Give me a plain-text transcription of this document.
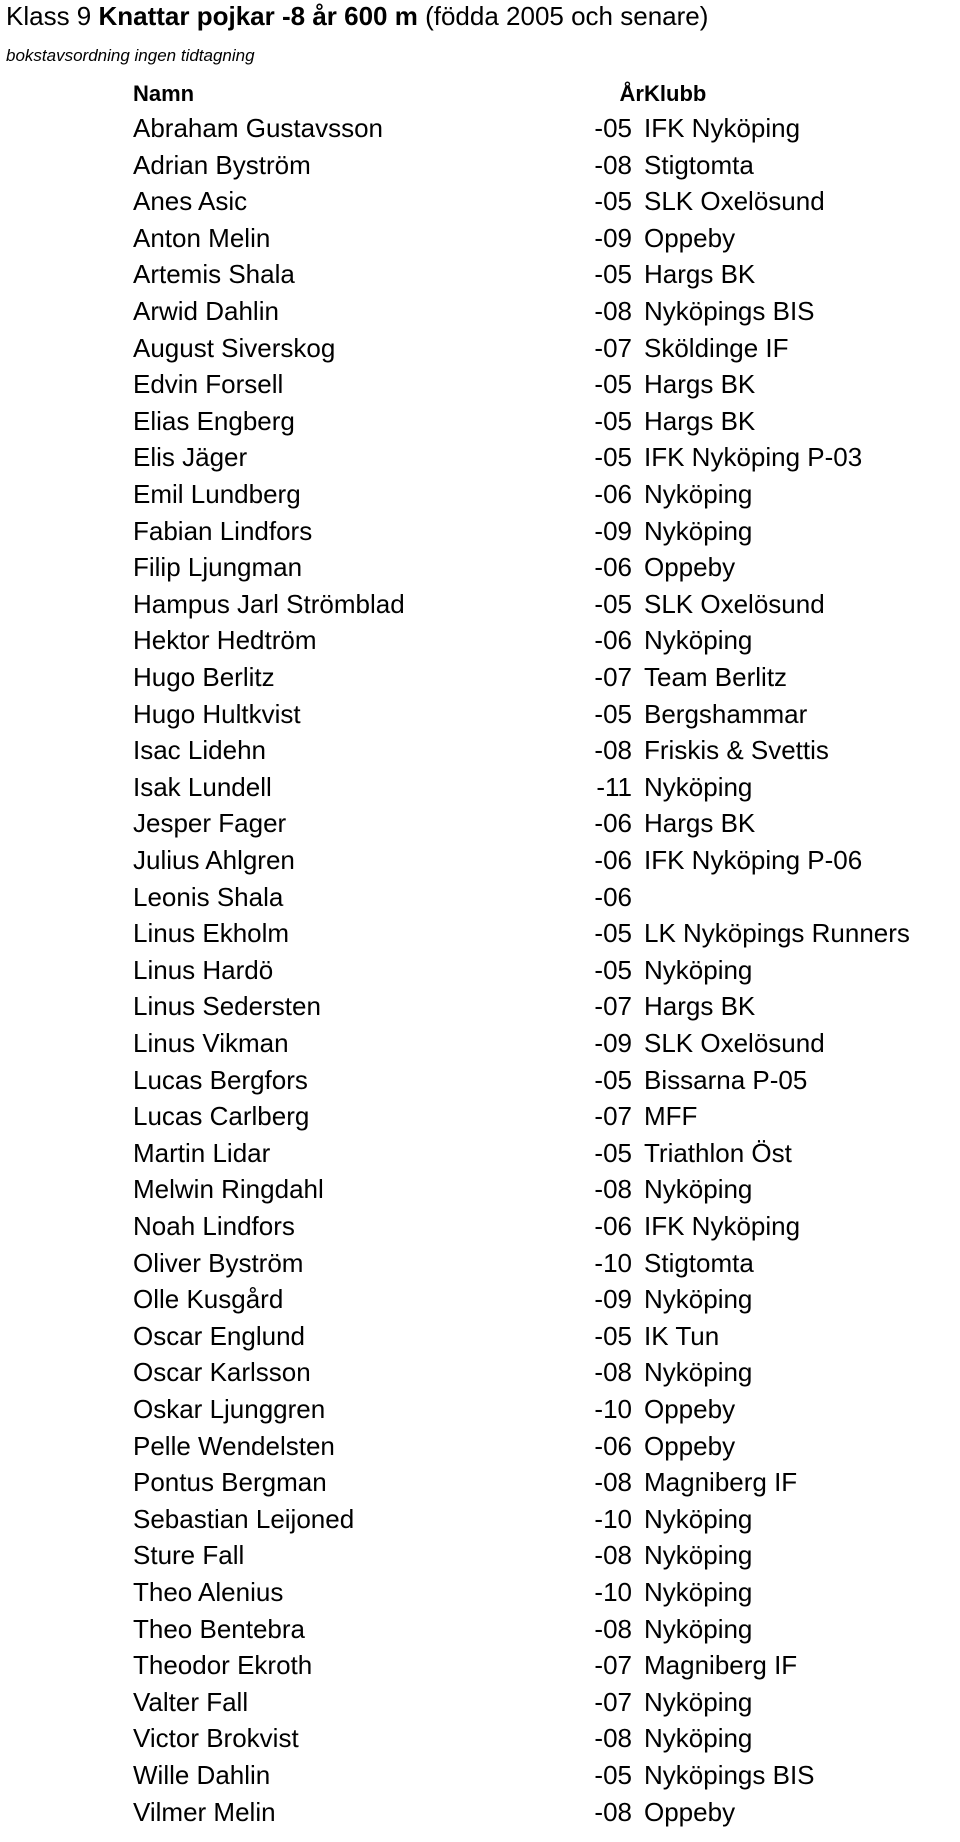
Klass 9 Knattar pojkar -8 år 600 m (födda 2005 och senare)
bokstavsordning ingen tidtagning
Namn	År Klubb
Abraham Gustavsson	-05 IFK Nyköping
Adrian Byström	-08 Stigtomta
Anes Asic	-05 SLK Oxelösund
Anton Melin	-09 Oppeby
Artemis Shala	-05 Hargs BK
Arwid Dahlin	-08 Nyköpings BIS
August Siverskog	-07 Sköldinge IF
Edvin Forsell	-05 Hargs BK
Elias Engberg	-05 Hargs BK
Elis Jäger	-05 IFK Nyköping P-03
Emil Lundberg	-06 Nyköping
Fabian Lindfors	-09 Nyköping
Filip Ljungman	-06 Oppeby
Hampus Jarl Strömblad	-05 SLK Oxelösund
Hektor Hedtröm	-06 Nyköping
Hugo Berlitz	-07 Team Berlitz
Hugo Hultkvist	-05 Bergshammar
Isac Lidehn	-08 Friskis & Svettis
Isak Lundell	-11 Nyköping
Jesper Fager	-06 Hargs BK
Julius Ahlgren	-06 IFK Nyköping P-06
Leonis Shala	-06
Linus Ekholm	-05 LK Nyköpings Runners
Linus Hardö	-05 Nyköping
Linus Sedersten	-07 Hargs BK
Linus Vikman	-09 SLK Oxelösund
Lucas Bergfors	-05 Bissarna P-05
Lucas Carlberg	-07 MFF
Martin Lidar	-05 Triathlon Öst
Melwin Ringdahl	-08 Nyköping
Noah Lindfors	-06 IFK Nyköping
Oliver Byström	-10 Stigtomta
Olle Kusgård	-09 Nyköping
Oscar Englund	-05 IK Tun
Oscar Karlsson	-08 Nyköping
Oskar Ljunggren	-10 Oppeby
Pelle Wendelsten	-06 Oppeby
Pontus Bergman	-08 Magniberg IF
Sebastian Leijoned	-10 Nyköping
Sture Fall	-08 Nyköping
Theo Alenius	-10 Nyköping
Theo Bentebra	-08 Nyköping
Theodor Ekroth	-07 Magniberg IF
Valter Fall	-07 Nyköping
Victor Brokvist	-08 Nyköping
Wille Dahlin	-05 Nyköpings BIS
Vilmer Melin	-08 Oppeby
